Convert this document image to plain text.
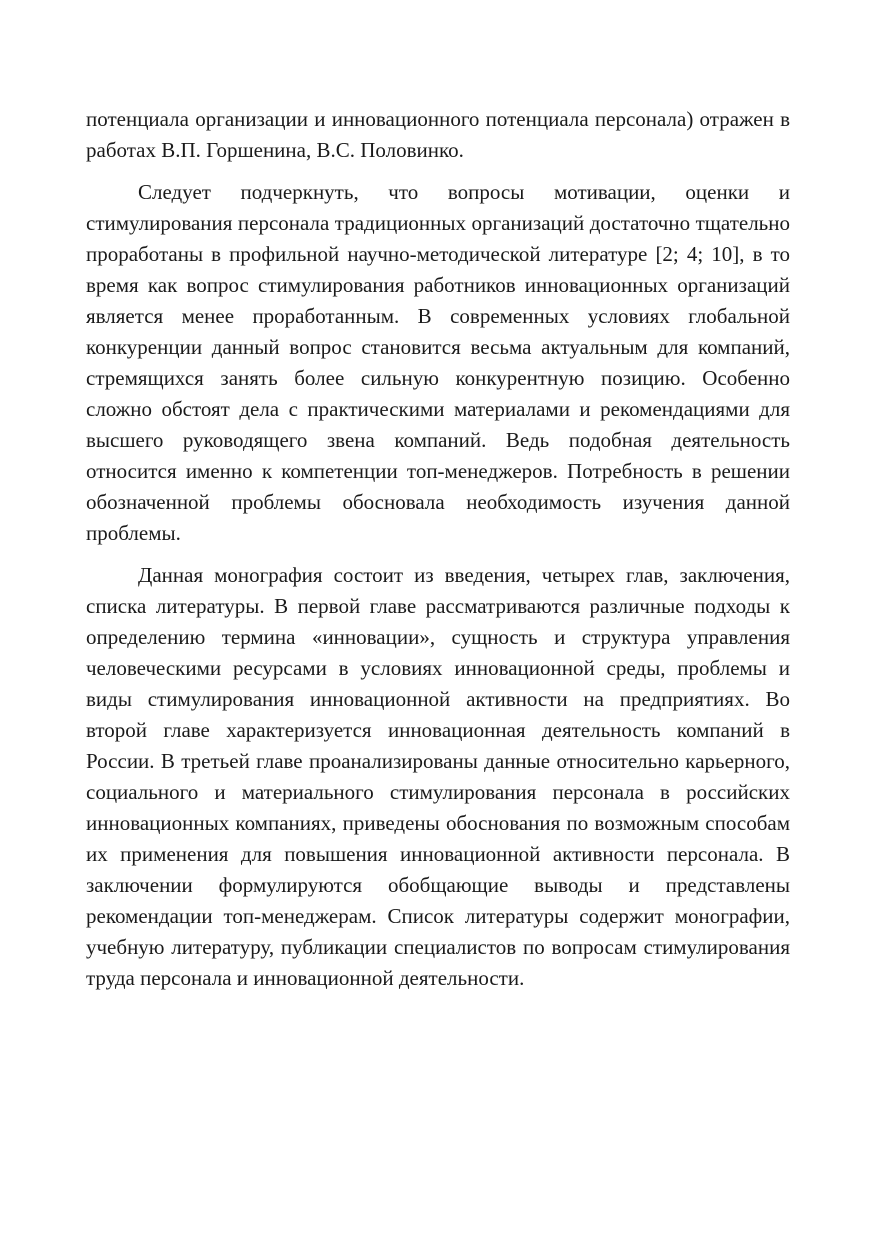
потенциала организации и инновационного потенциала персонала) отражен в работах В.П. Горшенина, В.С. Половинко.

Следует подчеркнуть, что вопросы мотивации, оценки и стимулирования персонала традиционных организаций достаточно тщательно проработаны в профильной научно-методической литературе [2; 4; 10], в то время как вопрос стимулирования работников инновационных организаций является менее проработанным. В современных условиях глобальной конкуренции данный вопрос становится весьма актуальным для компаний, стремящихся занять более сильную конкурентную позицию. Особенно сложно обстоят дела с практическими материалами и рекомендациями для высшего руководящего звена компаний. Ведь подобная деятельность относится именно к компетенции топ-менеджеров. Потребность в решении обозначенной проблемы обосновала необходимость изучения данной проблемы.

Данная монография состоит из введения, четырех глав, заключения, списка литературы. В первой главе рассматриваются различные подходы к определению термина «инновации», сущность и структура управления человеческими ресурсами в условиях инновационной среды, проблемы и виды стимулирования инновационной активности на предприятиях. Во второй главе характеризуется инновационная деятельность компаний в России. В третьей главе проанализированы данные относительно карьерного, социального и материального стимулирования персонала в российских инновационных компаниях, приведены обоснования по возможным способам их применения для повышения инновационной активности персонала. В заключении формулируются обобщающие выводы и представлены рекомендации топ-менеджерам. Список литературы содержит монографии, учебную литературу, публикации специалистов по вопросам стимулирования труда персонала и инновационной деятельности.
